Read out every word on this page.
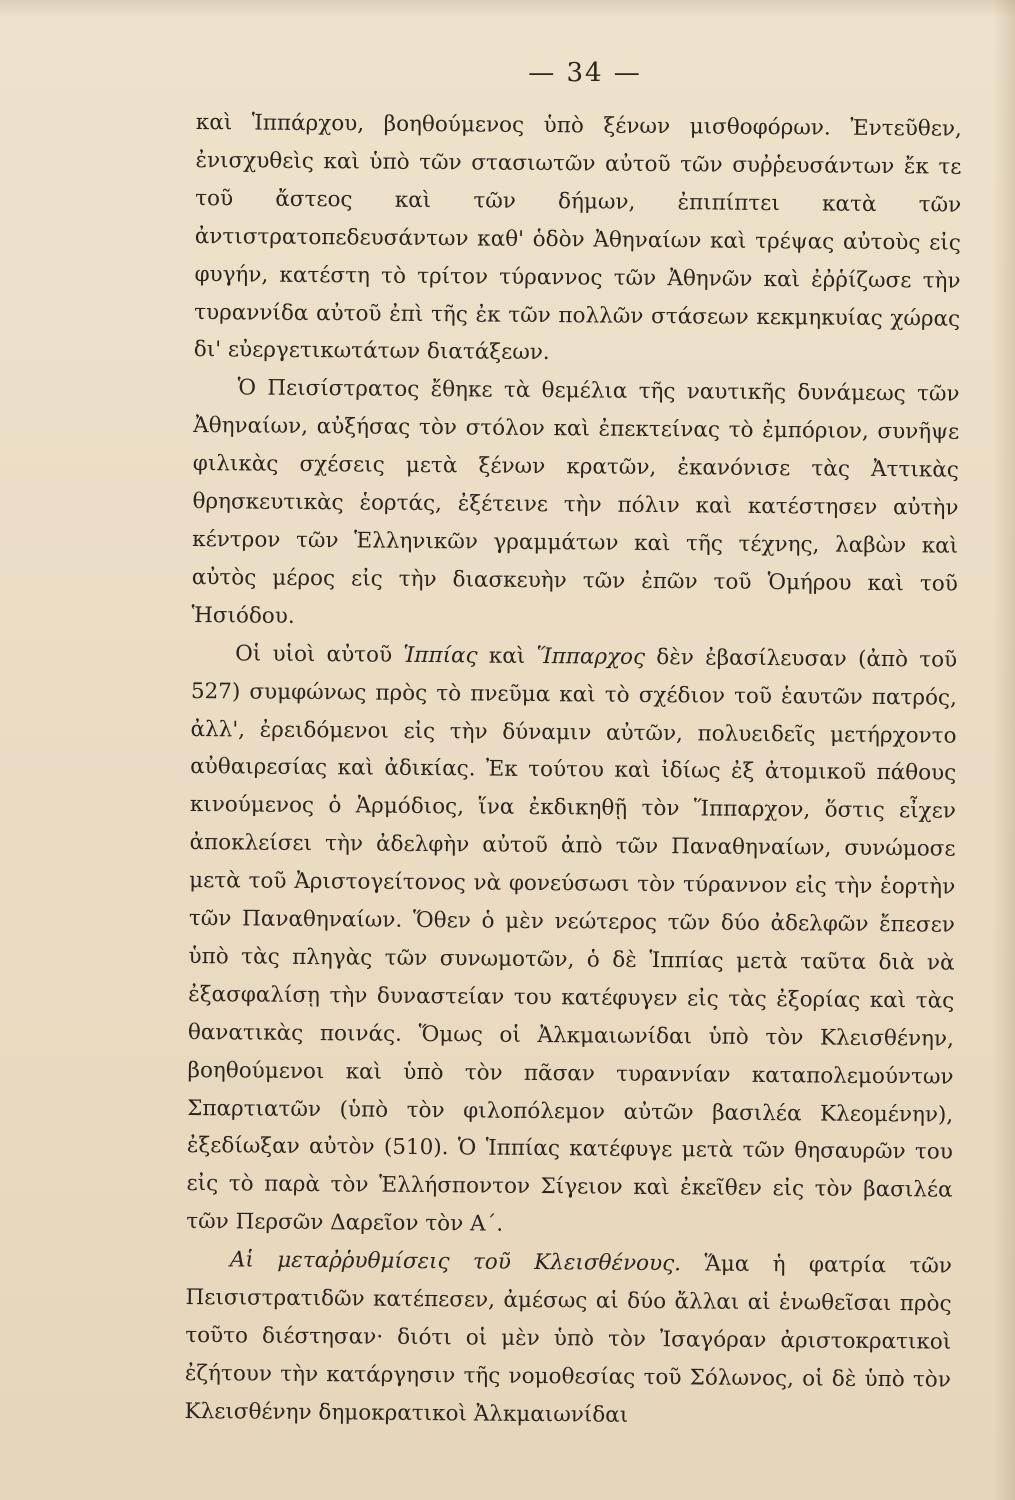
— 34 —

καὶ Ἱππάρχου, βοηθούμενος ὑπὸ ξένων μισθοφόρων. Ἐντεῦθεν, ἐνισχυθεὶς καὶ ὑπὸ τῶν στασιωτῶν αὐτοῦ τῶν συῤῥευσάντων ἔκ τε τοῦ ἄστεος καὶ τῶν δήμων, ἐπιπίπτει κατὰ τῶν ἀντιστρατοπεδευσάντων καθ' ὁδὸν Ἀθηναίων καὶ τρέψας αὐτοὺς εἰς φυγήν, κατέστη τὸ τρίτον τύραννος τῶν Ἀθηνῶν καὶ ἐῤῥίζωσε τὴν τυραννίδα αὐτοῦ ἐπὶ τῆς ἐκ τῶν πολλῶν στάσεων κεκμηκυίας χώρας δι' εὐεργετικωτάτων διατάξεων.

Ὁ Πεισίστρατος ἔθηκε τὰ θεμέλια τῆς ναυτικῆς δυνάμεως τῶν Ἀθηναίων, αὐξήσας τὸν στόλον καὶ ἐπεκτείνας τὸ ἐμπόριον, συνῆψε φιλικὰς σχέσεις μετὰ ξένων κρατῶν, ἐκανόνισε τὰς Ἀττικὰς θρησκευτικὰς ἑορτάς, ἐξέτεινε τὴν πόλιν καὶ κατέστησεν αὐτὴν κέντρον τῶν Ἑλληνικῶν γραμμάτων καὶ τῆς τέχνης, λαβὼν καὶ αὐτὸς μέρος εἰς τὴν διασκευὴν τῶν ἐπῶν τοῦ Ὁμήρου καὶ τοῦ Ἡσιόδου.

Οἱ υἱοὶ αὐτοῦ Ἱππίας καὶ Ἵππαρχος δὲν ἐβασίλευσαν (ἀπὸ τοῦ 527) συμφώνως πρὸς τὸ πνεῦμα καὶ τὸ σχέδιον τοῦ ἑαυτῶν πατρός, ἀλλ', ἐρειδόμενοι εἰς τὴν δύναμιν αὐτῶν, πολυειδεῖς μετήρχοντο αὐθαιρεσίας καὶ ἀδικίας. Ἐκ τούτου καὶ ἰδίως ἐξ ἀτομικοῦ πάθους κινούμενος ὁ Ἁρμόδιος, ἵνα ἐκδικηθῇ τὸν Ἵππαρχον, ὅστις εἶχεν ἀποκλείσει τὴν ἀδελφὴν αὐτοῦ ἀπὸ τῶν Παναθηναίων, συνώμοσε μετὰ τοῦ Ἀριστογείτονος νὰ φονεύσωσι τὸν τύραννον εἰς τὴν ἑορτὴν τῶν Παναθηναίων. Ὅθεν ὁ μὲν νεώτερος τῶν δύο ἀδελφῶν ἔπεσεν ὑπὸ τὰς πληγὰς τῶν συνωμοτῶν, ὁ δὲ Ἱππίας μετὰ ταῦτα διὰ νὰ ἐξασφαλίσῃ τὴν δυναστείαν του κατέφυγεν εἰς τὰς ἐξορίας καὶ τὰς θανατικὰς ποινάς. Ὅμως οἱ Ἀλκμαιωνίδαι ὑπὸ τὸν Κλεισθένην, βοηθούμενοι καὶ ὑπὸ τὸν πᾶσαν τυραννίαν καταπολεμούντων Σπαρτιατῶν (ὑπὸ τὸν φιλοπόλεμον αὐτῶν βασιλέα Κλεομένην), ἐξεδίωξαν αὐτὸν (510). Ὁ Ἱππίας κατέφυγε μετὰ τῶν θησαυρῶν του εἰς τὸ παρὰ τὸν Ἑλλήσποντον Σίγειον καὶ ἐκεῖθεν εἰς τὸν βασιλέα τῶν Περσῶν Δαρεῖον τὸν Α΄.

Αἱ μεταῤῥυθμίσεις τοῦ Κλεισθένους. Ἅμα ἡ φατρία τῶν Πεισιστρατιδῶν κατέπεσεν, ἀμέσως αἱ δύο ἄλλαι αἱ ἑνωθεῖσαι πρὸς τοῦτο διέστησαν· διότι οἱ μὲν ὑπὸ τὸν Ἰσαγόραν ἀριστοκρατικοὶ ἐζήτουν τὴν κατάργησιν τῆς νομοθεσίας τοῦ Σόλωνος, οἱ δὲ ὑπὸ τὸν Κλεισθένην δημοκρατικοὶ Ἀλκμαιωνίδαι
